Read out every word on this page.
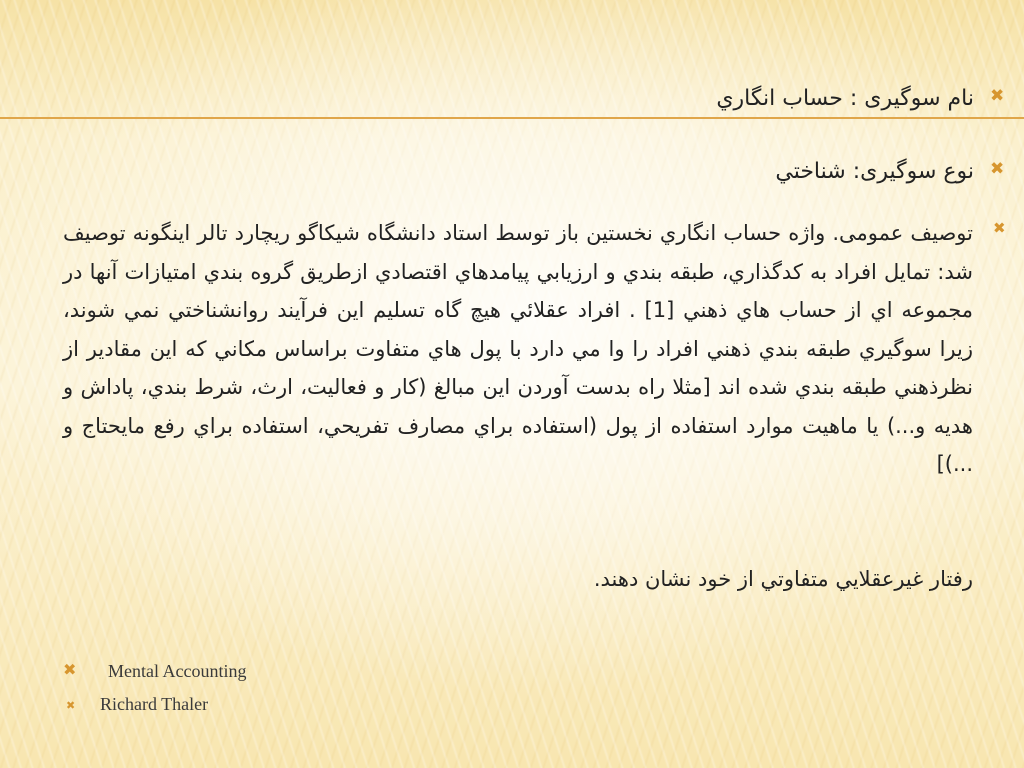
✖
نام سوگیری : حساب انگاري
✖
نوع سوگیری: شناختي
✖
توصيف عمومی. واژه حساب انگاري نخستين باز توسط استاد دانشگاه شيکاگو ريچارد تالر اينگونه توصيف شد: تمايل افراد به کدگذاري، طبقه بندي و ارزيابي پيامدهاي اقتصادي ازطريق گروه بندي امتيازات آنها در مجموعه اي از حساب هاي ذهني [1] . افراد عقلائي هيچ گاه تسليم اين فرآيند روانشناختي نمي شوند، زيرا سوگيري طبقه بندي ذهني افراد را وا مي دارد با پول هاي متفاوت براساس مکاني که اين مقادير از نظرذهني طبقه بندي شده اند [مثلا راه بدست آوردن اين مبالغ (کار و فعاليت، ارث، شرط بندي، پاداش و هديه و...) يا ماهيت موارد استفاده از پول (استفاده براي مصارف تفريحي، استفاده براي رفع مايحتاج و ...)]
رفتار غيرعقلايي متفاوتي از خود نشان دهند.
✖ Mental Accounting
✖ Richard Thaler
